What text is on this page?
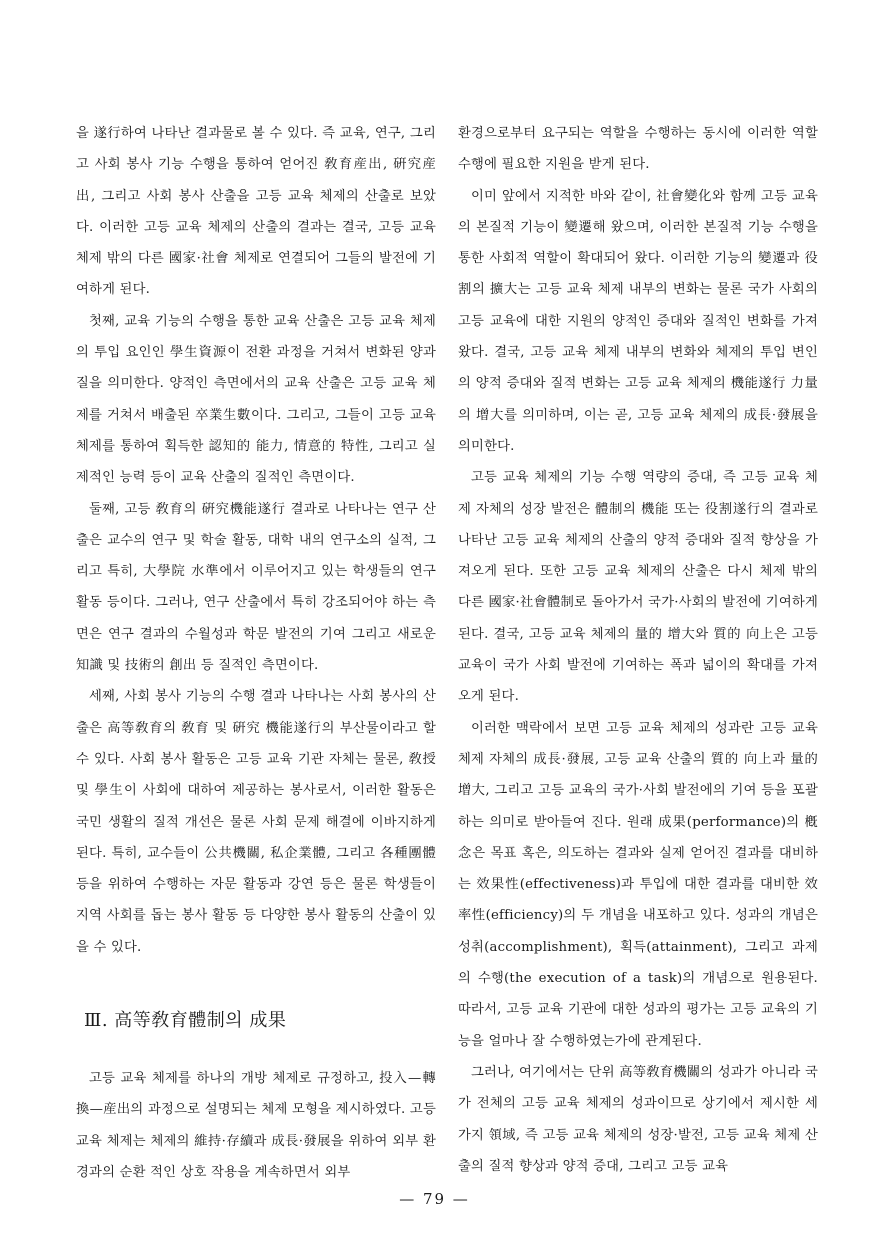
을 遂行하여 나타난 결과물로 볼 수 있다. 즉 교육, 연구, 그리고 사회 봉사 기능 수행을 통하여 얻어진 敎育産出, 硏究産出, 그리고 사회 봉사 산출을 고등 교육 체제의 산출로 보았다. 이러한 고등 교육 체제의 산출의 결과는 결국, 고등 교육 체제 밖의 다른 國家·社會 체제로 연결되어 그들의 발전에 기여하게 된다.

첫째, 교육 기능의 수행을 통한 교육 산출은 고등 교육 체제의 투입 요인인 學生資源이 전환 과정을 거쳐서 변화된 양과 질을 의미한다. 양적인 측면에서의 교육 산출은 고등 교육 체제를 거쳐서 배출된 卒業生數이다. 그리고, 그들이 고등 교육 체제를 통하여 획득한 認知的 能力, 情意的 特性, 그리고 실제적인 능력 등이 교육 산출의 질적인 측면이다.

둘째, 고등 敎育의 硏究機能遂行 결과로 나타나는 연구 산출은 교수의 연구 및 학술 활동, 대학 내의 연구소의 실적, 그리고 특히, 大學院 水準에서 이루어지고 있는 학생들의 연구 활동 등이다. 그러나, 연구 산출에서 특히 강조되어야 하는 측면은 연구 결과의 수월성과 학문 발전의 기여 그리고 새로운 知識 및 技術의 創出 등 질적인 측면이다.

세째, 사회 봉사 기능의 수행 결과 나타나는 사회 봉사의 산출은 高等敎育의 敎育 및 硏究 機能遂行의 부산물이라고 할 수 있다. 사회 봉사 활동은 고등 교육 기관 자체는 물론, 敎授 및 學生이 사회에 대하여 제공하는 봉사로서, 이러한 활동은 국민 생활의 질적 개선은 물론 사회 문제 해결에 이바지하게 된다. 특히, 교수들이 公共機關, 私企業體, 그리고 各種團體 등을 위하여 수행하는 자문 활동과 강연 등은 물론 학생들이 지역 사회를 돕는 봉사 활동 등 다양한 봉사 활동의 산출이 있을 수 있다.

Ⅲ. 高等敎育體制의 成果

고등 교육 체제를 하나의 개방 체제로 규정하고, 投入—轉換—産出의 과정으로 설명되는 체제 모형을 제시하였다. 고등 교육 체제는 체제의 維持·存續과 成長·發展을 위하여 외부 환경과의 순환 적인 상호 작용을 계속하면서 외부

환경으로부터 요구되는 역할을 수행하는 동시에 이러한 역할 수행에 필요한 지원을 받게 된다.

이미 앞에서 지적한 바와 같이, 社會變化와 함께 고등 교육의 본질적 기능이 變遷해 왔으며, 이러한 본질적 기능 수행을 통한 사회적 역할이 확대되어 왔다. 이러한 기능의 變遷과 役割의 擴大는 고등 교육 체제 내부의 변화는 물론 국가 사회의 고등 교육에 대한 지원의 양적인 증대와 질적인 변화를 가져 왔다. 결국, 고등 교육 체제 내부의 변화와 체제의 투입 변인의 양적 증대와 질적 변화는 고등 교육 체제의 機能遂行 力量의 增大를 의미하며, 이는 곧, 고등 교육 체제의 成長·發展을 의미한다.

고등 교육 체제의 기능 수행 역량의 증대, 즉 고등 교육 체제 자체의 성장 발전은 體制의 機能 또는 役割遂行의 결과로 나타난 고등 교육 체제의 산출의 양적 증대와 질적 향상을 가져오게 된다. 또한 고등 교육 체제의 산출은 다시 체제 밖의 다른 國家·社會體制로 돌아가서 국가·사회의 발전에 기여하게 된다. 결국, 고등 교육 체제의 量的 增大와 質的 向上은 고등 교육이 국가 사회 발전에 기여하는 폭과 넓이의 확대를 가져오게 된다.

이러한 맥락에서 보면 고등 교육 체제의 성과란 고등 교육 체제 자체의 成長·發展, 고등 교육 산출의 質的 向上과 量的 增大, 그리고 고등 교육의 국가·사회 발전에의 기여 등을 포괄하는 의미로 받아들여 진다. 원래 成果(performance)의 槪念은 목표 혹은, 의도하는 결과와 실제 얻어진 결과를 대비하는 效果性(effectiveness)과 투입에 대한 결과를 대비한 效率性(efficiency)의 두 개념을 내포하고 있다. 성과의 개념은 성취(accomplishment), 획득(attainment), 그리고 과제의 수행(the execution of a task)의 개념으로 원용된다. 따라서, 고등 교육 기관에 대한 성과의 평가는 고등 교육의 기능을 얼마나 잘 수행하였는가에 관계된다.

그러나, 여기에서는 단위 高等敎育機關의 성과가 아니라 국가 전체의 고등 교육 체제의 성과이므로 상기에서 제시한 세 가지 領域, 즉 고등 교육 체제의 성장·발전, 고등 교육 체제 산출의 질적 향상과 양적 증대, 그리고 고등 교육

— 79 —
